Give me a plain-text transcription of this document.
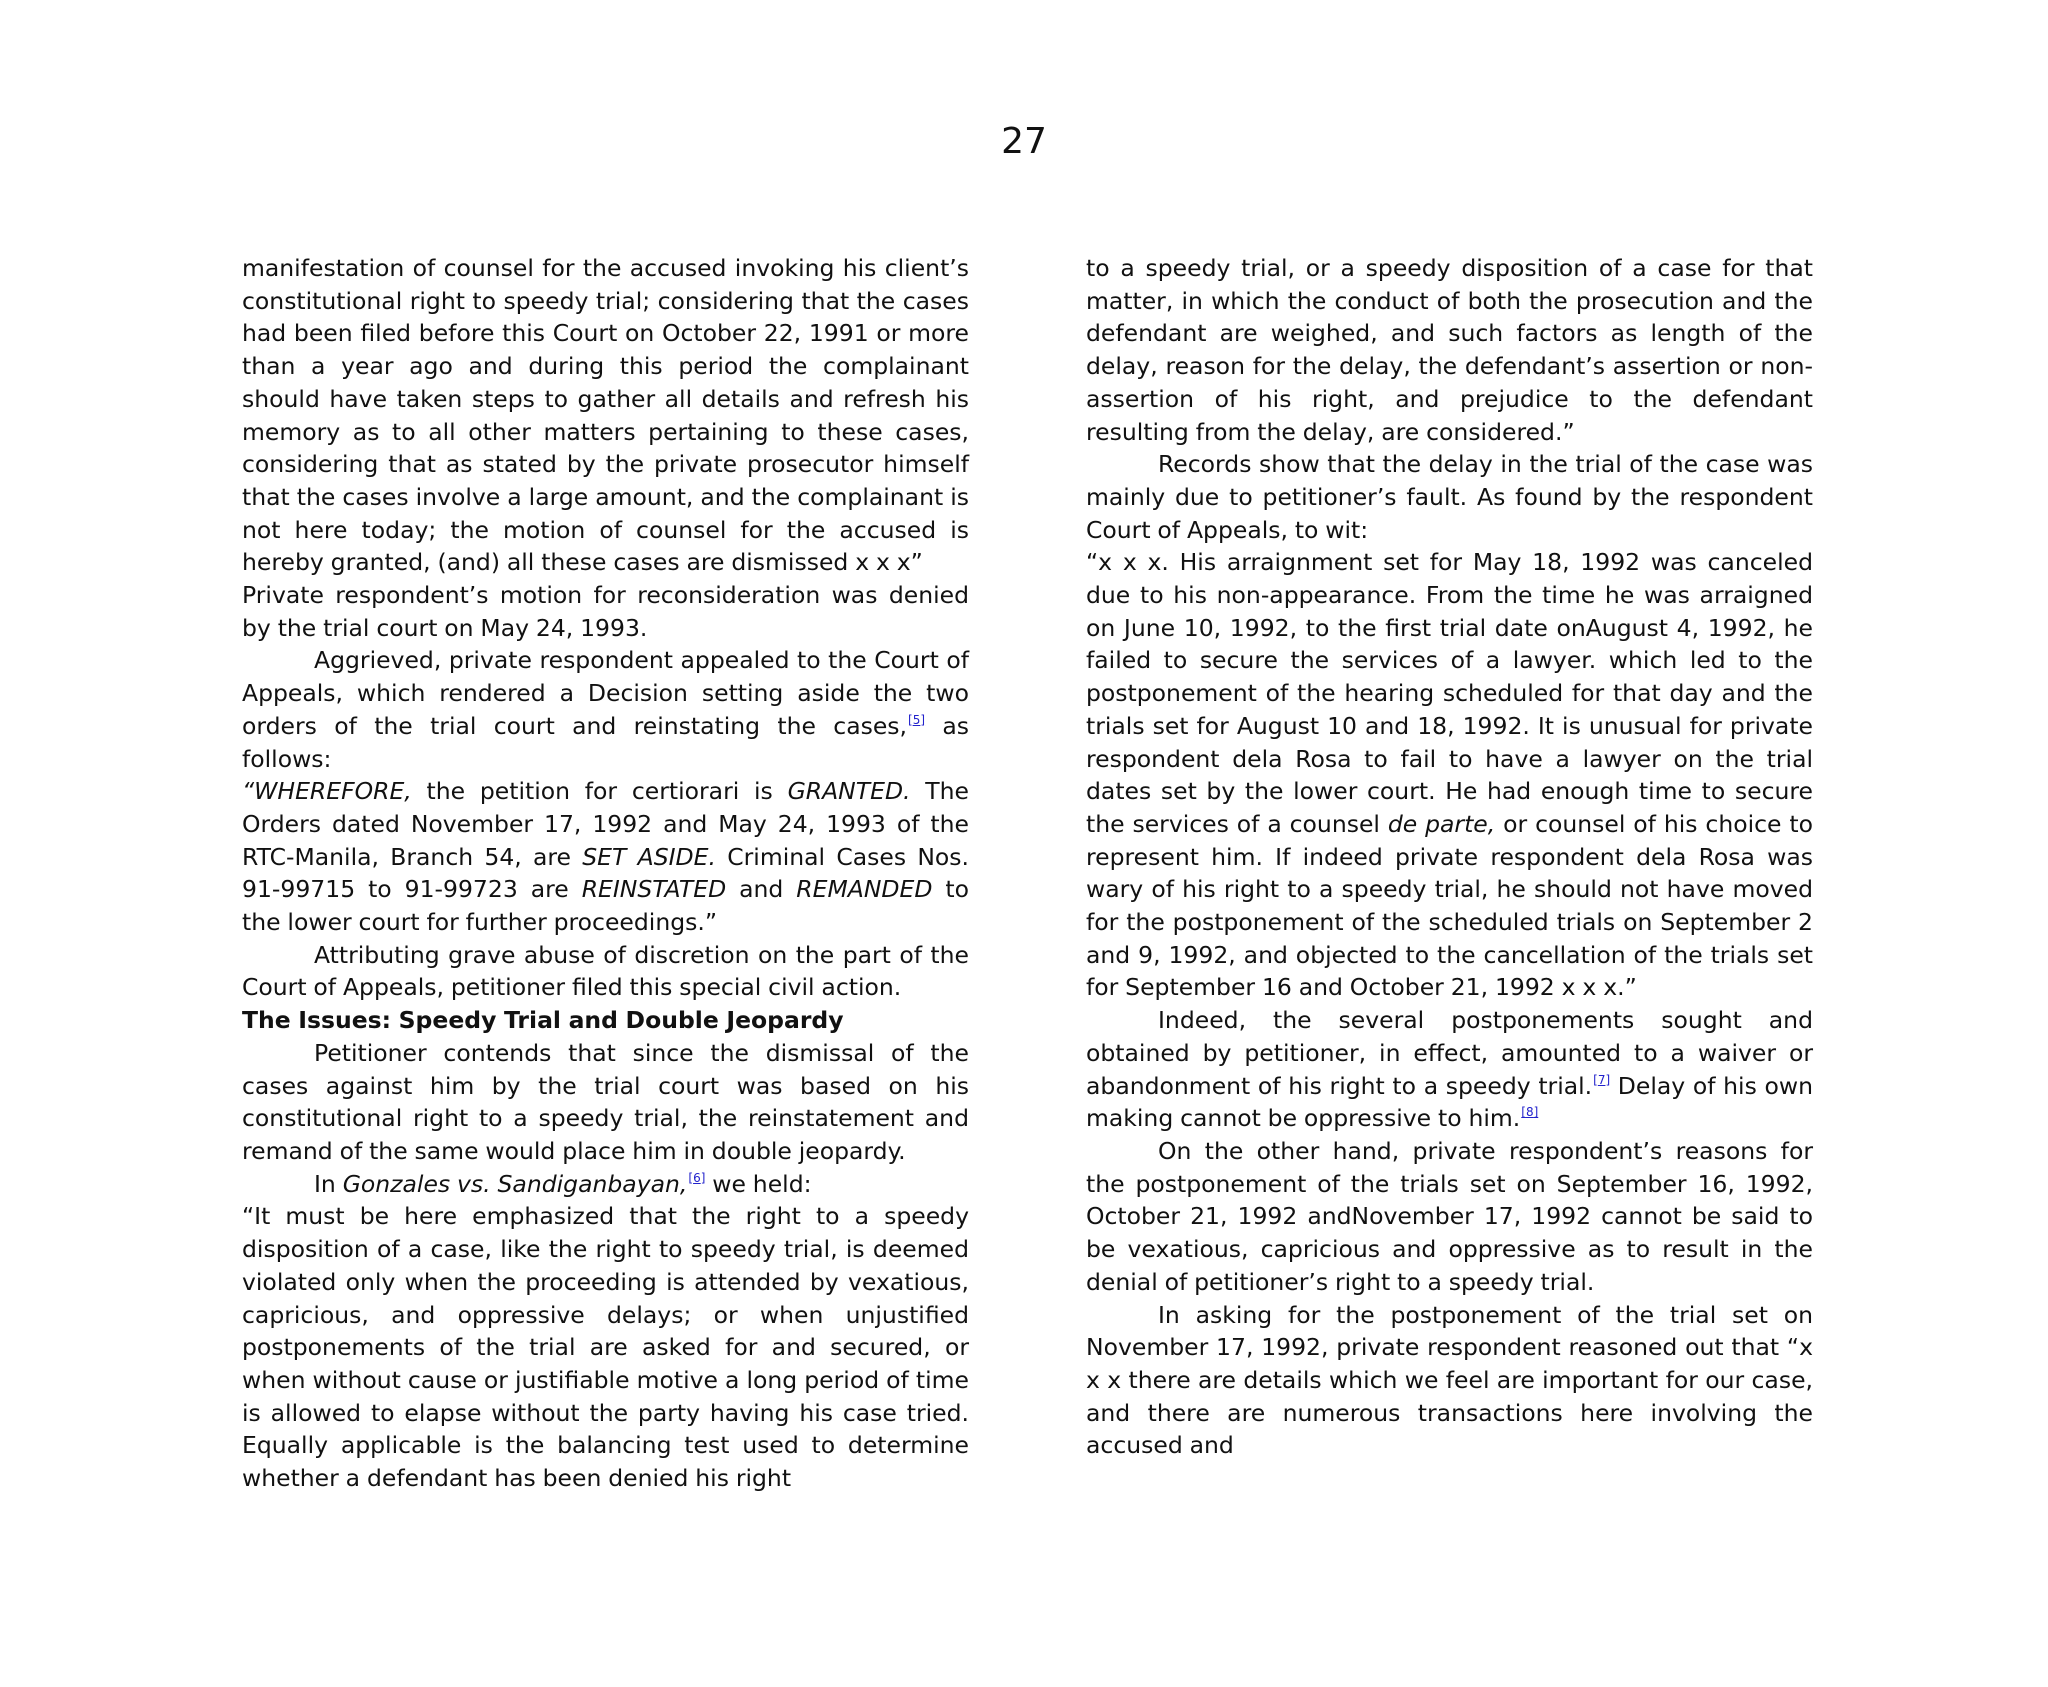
27

manifestation of counsel for the accused invoking his client’s constitutional right to speedy trial; considering that the cases had been filed before this Court on October 22, 1991 or more than a year ago and during this period the complainant should have taken steps to gather all details and refresh his memory as to all other matters pertaining to these cases, considering that as stated by the private prosecutor himself that the cases involve a large amount, and the complainant is not here today; the motion of counsel for the accused is hereby granted, (and) all these cases are dismissed x x x”

Private respondent’s motion for reconsideration was denied by the trial court on May 24, 1993.

Aggrieved, private respondent appealed to the Court of Appeals, which rendered a Decision setting aside the two orders of the trial court and reinstating the cases, [ $^5$ ] as follows:

“WHEREFORE, the petition for certiorari is GRANTED. The Orders dated November 17, 1992 and May 24, 1993 of the RTC-Manila, Branch 54, are SET ASIDE. Criminal Cases Nos. 91-99715 to 91-99723 are REINSTATED and REMANDED to the lower court for further proceedings.”

Attributing grave abuse of discretion on the part of the Court of Appeals, petitioner filed this special civil action.

The Issues: Speedy Trial and Double Jeopardy

Petitioner contends that since the dismissal of the cases against him by the trial court was based on his constitutional right to a speedy trial, the reinstatement and remand of the same would place him in double jeopardy.

In Gonzales vs. Sandiganbayan, [ $^6$ ] we held:

“It must be here emphasized that the right to a speedy disposition of a case, like the right to speedy trial, is deemed violated only when the proceeding is attended by vexatious, capricious, and oppressive delays; or when unjustified postponements of the trial are asked for and secured, or when without cause or justifiable motive a long period of time is allowed to elapse without the party having his case tried. Equally applicable is the balancing test used to determine whether a defendant has been denied his right

to a speedy trial, or a speedy disposition of a case for that matter, in which the conduct of both the prosecution and the defendant are weighed, and such factors as length of the delay, reason for the delay, the defendant’s assertion or non-assertion of his right, and prejudice to the defendant resulting from the delay, are considered.”

Records show that the delay in the trial of the case was mainly due to petitioner’s fault. As found by the respondent Court of Appeals, to wit:

“x x x. His arraignment set for May 18, 1992 was canceled due to his non-appearance. From the time he was arraigned on June 10, 1992, to the first trial date onAugust 4, 1992, he failed to secure the services of a lawyer. which led to the postponement of the hearing scheduled for that day and the trials set for August 10 and 18, 1992. It is unusual for private respondent dela Rosa to fail to have a lawyer on the trial dates set by the lower court. He had enough time to secure the services of a counsel de parte, or counsel of his choice to represent him. If indeed private respondent dela Rosa was wary of his right to a speedy trial, he should not have moved for the postponement of the scheduled trials on September 2 and 9, 1992, and objected to the cancellation of the trials set for September 16 and October 21, 1992 x x x.”

Indeed, the several postponements sought and obtained by petitioner, in effect, amounted to a waiver or abandonment of his right to a speedy trial. [ $^7$ ] Delay of his own making cannot be oppressive to him. [ $^8$ ]

On the other hand, private respondent’s reasons for the postponement of the trials set on September 16, 1992, October 21, 1992 andNovember 17, 1992 cannot be said to be vexatious, capricious and oppressive as to result in the denial of petitioner’s right to a speedy trial.

In asking for the postponement of the trial set on November 17, 1992, private respondent reasoned out that “x x x there are details which we feel are important for our case, and there are numerous transactions here involving the accused and
